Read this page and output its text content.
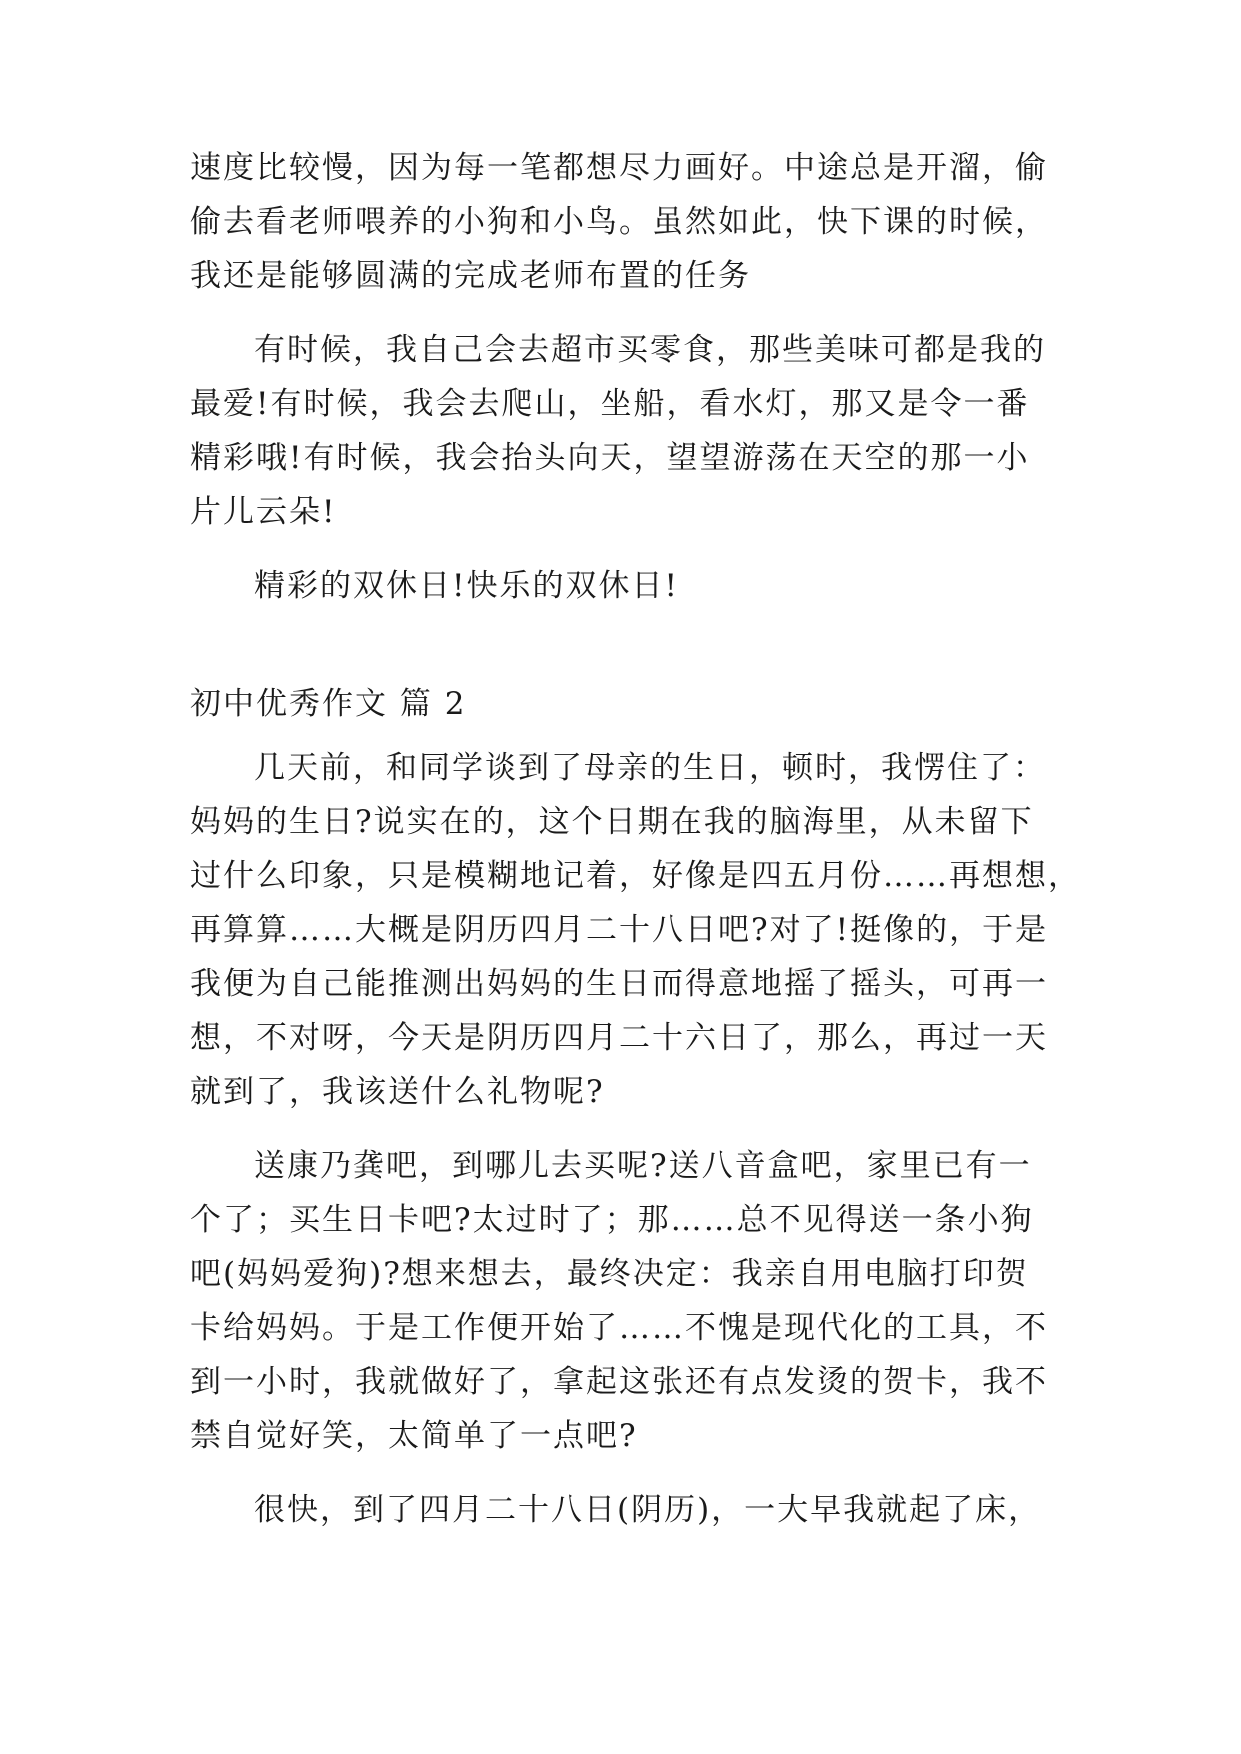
速度比较慢，因为每一笔都想尽力画好。中途总是开溜，偷
偷去看老师喂养的小狗和小鸟。虽然如此，快下课的时候，
我还是能够圆满的完成老师布置的任务
有时候，我自己会去超市买零食，那些美味可都是我的
最爱!有时候，我会去爬山，坐船，看水灯，那又是令一番
精彩哦!有时候，我会抬头向天，望望游荡在天空的那一小
片儿云朵!
精彩的双休日!快乐的双休日!
初中优秀作文 篇 2
几天前，和同学谈到了母亲的生日，顿时，我愣住了：
妈妈的生日?说实在的，这个日期在我的脑海里，从未留下
过什么印象，只是模糊地记着，好像是四五月份……再想想，
再算算……大概是阴历四月二十八日吧?对了!挺像的，于是
我便为自己能推测出妈妈的生日而得意地摇了摇头，可再一
想，不对呀，今天是阴历四月二十六日了，那么，再过一天
就到了，我该送什么礼物呢?
送康乃龚吧，到哪儿去买呢?送八音盒吧，家里已有一
个了；买生日卡吧?太过时了；那……总不见得送一条小狗
吧(妈妈爱狗)?想来想去，最终决定：我亲自用电脑打印贺
卡给妈妈。于是工作便开始了……不愧是现代化的工具，不
到一小时，我就做好了，拿起这张还有点发烫的贺卡，我不
禁自觉好笑，太简单了一点吧?
很快，到了四月二十八日(阴历)，一大早我就起了床，
